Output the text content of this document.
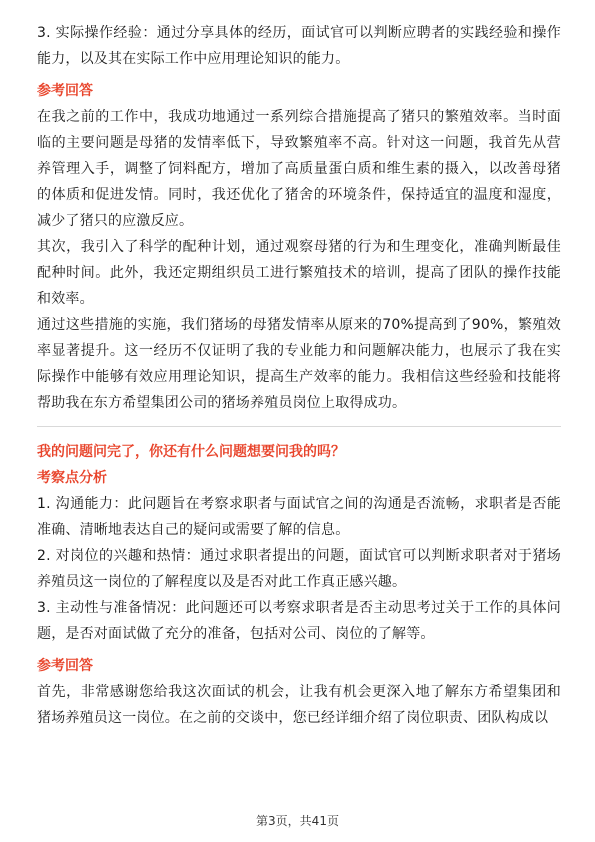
3. 实际操作经验：通过分享具体的经历，面试官可以判断应聘者的实践经验和操作能力，以及其在实际工作中应用理论知识的能力。

参考回答

在我之前的工作中，我成功地通过一系列综合措施提高了猪只的繁殖效率。当时面临的主要问题是母猪的发情率低下，导致繁殖率不高。针对这一问题，我首先从营养管理入手，调整了饲料配方，增加了高质量蛋白质和维生素的摄入，以改善母猪的体质和促进发情。同时，我还优化了猪舍的环境条件，保持适宜的温度和湿度，减少了猪只的应激反应。

其次，我引入了科学的配种计划，通过观察母猪的行为和生理变化，准确判断最佳配种时间。此外，我还定期组织员工进行繁殖技术的培训，提高了团队的操作技能和效率。

通过这些措施的实施，我们猪场的母猪发情率从原来的70%提高到了90%，繁殖效率显著提升。这一经历不仅证明了我的专业能力和问题解决能力，也展示了我在实际操作中能够有效应用理论知识，提高生产效率的能力。我相信这些经验和技能将帮助我在东方希望集团公司的猪场养殖员岗位上取得成功。

我的问题问完了，你还有什么问题想要问我的吗？

考察点分析

1. 沟通能力：此问题旨在考察求职者与面试官之间的沟通是否流畅，求职者是否能准确、清晰地表达自己的疑问或需要了解的信息。

2. 对岗位的兴趣和热情：通过求职者提出的问题，面试官可以判断求职者对于猪场养殖员这一岗位的了解程度以及是否对此工作真正感兴趣。

3. 主动性与准备情况：此问题还可以考察求职者是否主动思考过关于工作的具体问题，是否对面试做了充分的准备，包括对公司、岗位的了解等。

参考回答

首先，非常感谢您给我这次面试的机会，让我有机会更深入地了解东方希望集团和猪场养殖员这一岗位。在之前的交谈中，您已经详细介绍了岗位职责、团队构成以

第3页，共41页
